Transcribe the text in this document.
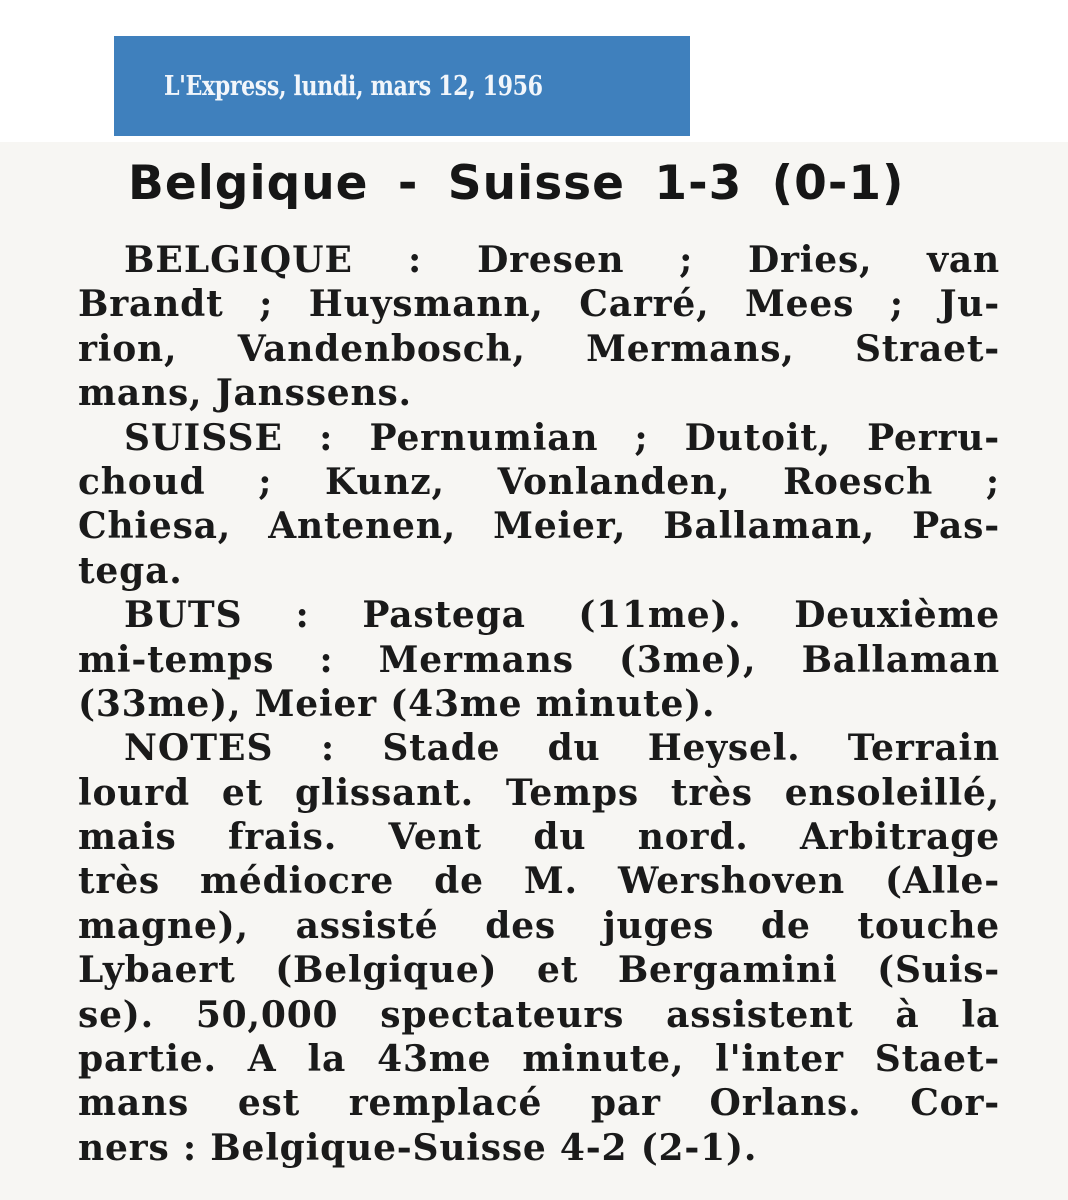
L'Express, lundi, mars 12, 1956
Belgique - Suisse 1-3 (0-1)
BELGIQUE : Dresen ; Dries, van
Brandt ; Huysmann, Carré, Mees ; Ju-
rion, Vandenbosch, Mermans, Straet-
mans, Janssens.
SUISSE : Pernumian ; Dutoit, Perru-
choud ; Kunz, Vonlanden, Roesch ;
Chiesa, Antenen, Meier, Ballaman, Pas-
tega.
BUTS : Pastega (11me). Deuxième
mi-temps : Mermans (3me), Ballaman
(33me), Meier (43me minute).
NOTES : Stade du Heysel. Terrain
lourd et glissant. Temps très ensoleillé,
mais frais. Vent du nord. Arbitrage
très médiocre de M. Wershoven (Alle-
magne), assisté des juges de touche
Lybaert (Belgique) et Bergamini (Suis-
se). 50,000 spectateurs assistent à la
partie. A la 43me minute, l'inter Staet-
mans est remplacé par Orlans. Cor-
ners : Belgique-Suisse 4-2 (2-1).
